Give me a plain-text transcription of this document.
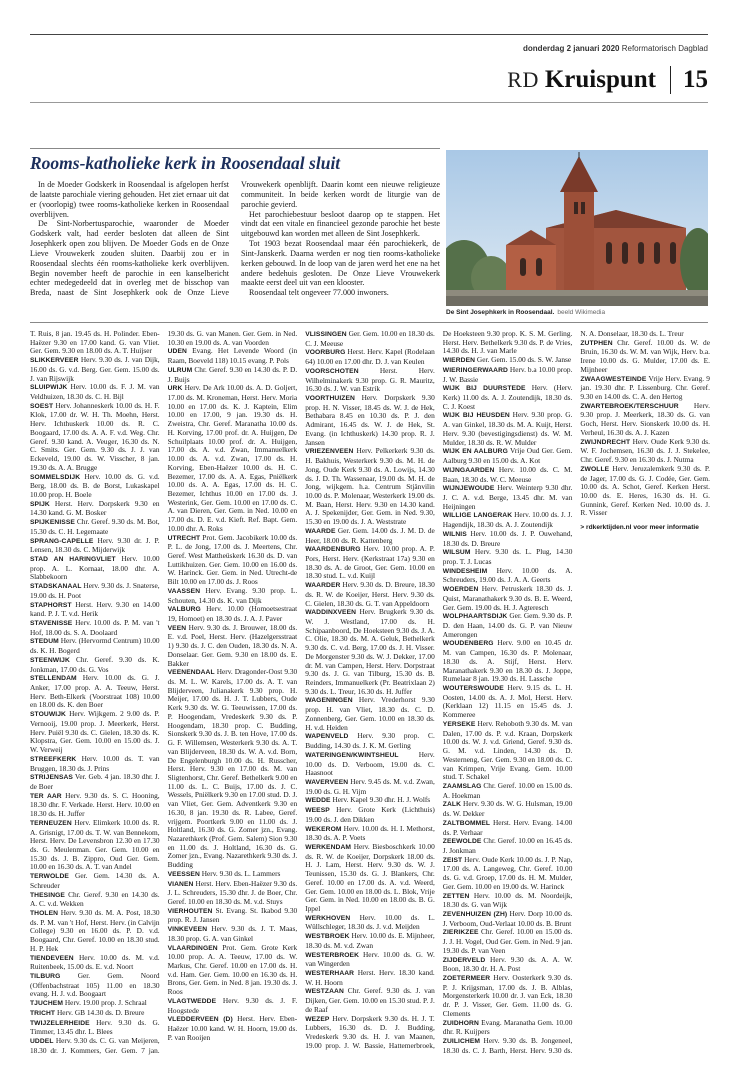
donderdag 2 januari 2020 Reformatorisch Dagblad
RD Kruispunt 15
Rooms-katholieke kerk in Roosendaal sluit

In de Moeder Godskerk in Roosendaal is afgelopen herfst de laatste parochiale viering gehouden. Het ziet ernaar uit dat er (voorlopig) twee rooms-katholieke kerken in Roosendaal overblijven.

De Sint-Norbertusparochie, waaronder de Moeder Godskerk valt, had eerder besloten dat alleen de Sint Josephkerk open zou blijven. De Moeder Gods en de Onze Lieve Vrouwekerk zouden sluiten. Daarbij zou er in Roosendaal slechts één rooms-katholieke kerk overblijven. Begin november heeft de parochie in een kanselbericht echter medegedeeld dat in overleg met de bisschop van Breda, naast de Sint Josephkerk ook de Onze Lieve Vrouwekerk openblijft. Daarin komt een nieuwe religieuze communiteit. In beide kerken wordt de liturgie van de parochie gevierd.

Het parochiebestuur besloot daarop op te stappen. Het vindt dat een vitale en financieel gezonde parochie het beste uitgebouwd kan worden met alleen de Sint Josephkerk.

Tot 1903 bezat Roosendaal maar één parochiekerk, de Sint-Janskerk. Daarna werden er nog tien rooms-katholieke kerken gebouwd. In de loop van de jaren werd het ene na het andere bedehuis gesloten. De Onze Lieve Vrouwekerk maakte eerst deel uit van een klooster.

Roosendaal telt ongeveer 77.000 inwoners.

De Sint Josephkerk in Roosendaal. beeld Wikimedia
T. Ruis, 8 jan. 19.45 ds. H. Polinder. Eben-Haëzer 9.30 en 17.00 kand. G. van Vliet. Ger. Gem. 9.30 en 18.00 ds. A. T. Huijser
SLIKKERVEER Herv. 9.30 ds. J. van Dijk, 16.00 ds. G. v.d. Berg. Ger. Gem. 15.00 ds. J. van Rijswijk
SLUIPWIJK Herv. 10.00 ds. F. J. M. van Veldhuizen, 18.30 ds. C. H. Bijl
SOEST Herv. Johanneskerk 10.00 ds. H. F. Klok, 17.00 dr. W. H. Th. Moehn, Herst. Herv. Ichthuskerk 10.00 ds. R. C. Boogaard, 17.00 ds. A. A. F. v.d. Weg. Chr. Geref. 9.30 kand. A. Veuger, 16.30 ds. N. C. Smits. Ger. Gem. 9.30 ds. J. J. van Eckeveld, 19.00 ds. W. Visscher, 8 jan. 19.30 ds. A. A. Brugge
SOMMELSDIJK Herv. 10.00 ds. G. v.d. Berg, 18.00 ds. B. de Borst, Lukaskapel 10.00 prop. H. Boele
SPIJK Herst. Herv. Dorpskerk 9.30 en 14.30 kand. G. M. Bosker
SPIJKENISSE Chr. Geref. 9.30 ds. M. Bot, 15.30 ds. C. H. Legemaate
SPRANG-CAPELLE Herv. 9.30 dr. J. P. Lensen, 18.30 ds. C. Mijderwijk
STAD AN HARINGVLIET Herv. 10.00 prop. A. L. Kornaat, 18.00 dhr. A. Slabbekoorn
STADSKANAAL Herv. 9.30 ds. J. Snaterse, 19.00 ds. H. Poot
STAPHORST Herst. Herv. 9.30 en 14.00 kand. P. J. T. v.d. Herik
STAVENISSE Herv. 10.00 ds. P. M. van 't Hof, 18.00 ds. S. A. Doolaard
STEDUM Herv. (Hervormd Centrum) 10.00 ds. K. H. Bogerd
STEENWIJK Chr. Geref. 9.30 ds. K. Jonkman, 17.00 ds. G. Vos
STELLENDAM Herv. 10.00 ds. G. J. Anker, 17.00 prop. A. A. Teeuw, Herst. Herv. Beth-Elkerk (Voorstraat 108) 10.00 en 18.00 ds. K. den Boer
STOUWIJK Herv. Wijkgem. 2 9.00 ds. P. Vernooij, 19.00 prop. J. Meerkerk, Herst. Herv. Puiël 9.30 ds. C. Gielen, 18.30 ds. K. Klopstra, Ger. Gem. 10.00 en 15.00 ds. J. W. Verweij
STREEFKERK Herv. 10.00 ds. T. van Bruggen, 18.30 ds. J. Prins
STRIJENSAS Ver. Geb. 4 jan. 18.30 dhr. J. de Boer
TER AAR Herv. 9.30 ds. S. C. Hooning, 18.30 dhr. F. Verkade. Herst. Herv. 10.00 en 18.30 ds. H. Juffer
TERNEUZEN Herv. Elimkerk 10.00 ds. R. A. Grisnigt, 17.00 ds. T. W. van Bennekom, Herst. Herv. De Levensbron 12.30 en 17.30 ds. G. Meulenman. Ger. Gem. 10.00 en 15.30 ds. J. B. Zippro, Oud Ger. Gem. 10.00 en 16.30 ds. A. T. van Andel
TERWOLDE Ger. Gem. 14.30 ds. A. Schreuder
THESINGE Chr. Geref. 9.30 en 14.30 ds. A. C. v.d. Wekken
THOLEN Herv. 9.30 ds. M. A. Post, 18.30 ds. P. M. van 't Hof, Herst. Herv. (in Calvijn College) 9.30 en 16.00 ds. P. D. v.d. Boogaard, Chr. Geref. 10.00 en 18.30 stud. H. P. Hek
TIENDEVEEN Herv. 10.00 ds. M. v.d. Ruitenbeek, 15.00 ds. E. v.d. Noort
TILBURG Ger. Gem. Noord (Offenbachstraat 105) 11.00 en 18.30 evang. H. J. v.d. Boogaart
TJUCHEM Herv. 19.00 prop. J. Schraal
TRICHT Herv. GB 14.30 ds. D. Breure
TWIJZELERHEIDE Herv. 9.30 ds. G. Timmer, 13.45 dhr. L. Blees
UDDEL Herv. 9.30 ds. C. G. van Meijeren, 18.30 dr. J. Kommers, Ger. Gem. 7 jan. 19.30 ds. G. van Manen. Ger. Gem. in Ned. 10.30 en 19.00 ds. A. van Voorden
UDEN Evang. Het Levende Woord (in Raam, Boeveld 118) 10.15 evang. P. Pols
ULRUM Chr. Geref. 9.30 en 14.30 ds. P. D. J. Buijs
URK Herv. De Ark 10.00 ds. A. D. Goljert, 17.00 ds. M. Kroneman, Herst. Herv. Moria 10.00 en 17.00 ds. K. J. Kaptein, Elim 10.00 en 17.00, 9 jan. 19.30 ds. H. Zweistra, Chr. Geref. Maranatha 10.00 ds. H. Korving, 17.00 prof. dr. A. Huijgen, De Schuilplaats 10.00 prof. dr. A. Huijgen, 17.00 ds. A. v.d. Zwan, Immanuelkerk 10.00 ds. A. v.d. Zwan, 17.00 ds. H. Korving, Eben-Haëzer 10.00 ds. H. C. Bezemer, 17.00 ds. A. A. Egas, Pniëlkerk 10.00 ds. A. A. Egas, 17.00 ds. H. C. Bezemer, Ichthus 10.00 en 17.00 ds. J. Westerink, Ger. Gem. 10.00 en 17.00 ds. C. A. van Dieren, Ger. Gem. in Ned. 10.00 en 17.00 ds. D. E. v.d. Kieft. Ref. Bapt. Gem. 10.00 dhr. A. Roks
UTRECHT Prot. Gem. Jacobikerk 10.00 ds. P. L. de Jong, 17.00 ds. J. Meertens, Chr. Geref. West Mattheüskerk 16.30 ds. D. van Luttikhuizen. Ger. Gem. 10.00 en 16.00 ds. W. Harinck. Ger. Gem. in Ned. Utrecht-de Bilt 10.00 en 17.00 ds. J. Roos
VAASSEN Herv. Evang. 9.30 prop. L. Schouten, 14.30 ds. K. van Dijk
VALBURG Herv. 10.00 (Homoetsestraat 19, Homoet) en 18.30 ds. J. A. J. Paver
VEEN Herv. 9.30 ds. J. Brouwer, 18.00 ds. E. v.d. Poel, Herst. Herv. (Hazelgersstraat 1) 9.30 ds. J. C. den Ouden, 18.30 ds. N. A. Donselaar. Ger. Gem. 9.30 en 18.00 ds. E. Bakker
VEENENDAAL Herv. Dragonder-Oost 9.30 ds. M. L. W. Karels, 17.00 ds. A. T. van Blijderveen, Julianakerk 9.30 prop. H. Meijer, 17.00 ds. H. J. T. Lubbers, Oude Kerk 9.30 ds. W. G. Teeuwissen, 17.00 ds. P. Hoogendam, Vredeskerk 9.30 ds. P. Hoogendam, 18.30 prop. C. Budding, Sionskerk 9.30 ds. J. B. ten Hove, 17.00 ds. G. F. Willemsen, Westerkerk 9.30 ds. A. T. van Blijderveen, 18.30 ds. W. A. v.d. Born, De Engelenburgh 10.00 ds. H. Russcher, Herst. Herv. 9.30 en 17.00 ds. M. van Sligtenhorst, Chr. Geref. Bethelkerk 9.00 en 11.00 ds. L. C. Buijs, 17.00 ds. J. C. Wessels, Pniëlkerk 9.30 en 17.00 stud. D. J. van Vliet, Ger. Gem. Adventkerk 9.30 en 16.30, 8 jan. 19.30 ds. R. Labee, Geref. vrijgem. Poortkerk 9.00 en 11.00 ds. J. Holtland, 16.30 ds. G. Zomer jzn., Evang. Nazarethkerk (Prof. Gem. Salem) Sion 9.30 en 11.00 ds. J. Holtland, 16.30 ds. G. Zomer jzn., Evang. Nazarethkerk 9.30 ds. J. Budding
VEESSEN Herv. 9.30 ds. L. Lammers
VIANEN Herst. Herv. Eben-Haëzer 9.30 ds. J. L. Schreuders, 15.30 dhr. J. de Boer, Chr. Geref. 10.00 en 18.30 ds. M. v.d. Stuys
VIERHOUTEN St. Evang. St. Ikabod 9.30 prop. R. J. Jansen
VINKEVEEN Herv. 9.30 ds. J. T. Maas, 18.30 prop. G. A. van Ginkel
VLAARDINGEN Prot. Gem. Grote Kerk 10.00 prop. A. A. Teeuw, 17.00 ds. W. Markus, Chr. Geref. 10.00 en 17.00 ds. H. v.d. Ham. Ger. Gem. 10.00 en 16.30 ds. H. Brons, Ger. Gem. in Ned. 8 jan. 19.30 ds. J. Roos
VLAGTWEDDE Herv. 9.30 ds. J. F. Hoogstede
VLEDDERVEEN (D) Herst. Herv. Eben-Haëzer 10.00 kand. W. H. Hoorn, 19.00 ds. P. van Rooijen
VLISSINGEN Ger. Gem. 10.00 en 18.30 ds. C. J. Meeuse
VOORBURG Herst. Herv. Kapel (Rodelaan 64) 10.00 en 17.00 dhr. D. J. van Keulen
VOORSCHOTEN	Herst. Herv. Wilhelminakerk 9.30 prop. G. R. Mauritz, 16.30 ds. J. W. van Estrik
VOORTHUIZEN Herv. Dorpskerk 9.30 prop. H. N. Visser, 18.45 ds. W. J. de Hek, Bethabara 8.45 en 10.30 ds. P. J. den Admirant, 16.45 ds. W. J. de Hek, St. Evang. (in Ichthuskerk) 14.30 prop. R. J. Jansen
VRIEZENVEEN Herv. Pelkerkerk 9.30 ds. H. Bakhuis, Westerkerk 9.30 ds. M. H. de Jong, Oude Kerk 9.30 ds. A. Lowijs, 14.30 ds. J. D. Th. Wassenaar, 19.00 ds. M. H. de Jong, wijkgem. h.a. Centrum Stjänvilin 10.00 ds. P. Molenaar, Westerkerk 19.00 ds. M. Baan, Herst. Herv. 9.30 en 14.30 kand. A. J. Spekenijder, Ger. Gem. in Ned. 9.30, 15.30 en 19.00 ds. J. A. Weststrate
WAARDE Ger. Gem. 14.00 ds. J. M. D. de Heer, 18.00 ds. R. Kattenberg
WAARDENBURG Herv. 10.00 prop. A. P. Pors, Herst. Herv. (Kerkstraat 17a) 9.30 en 18.30 ds. A. de Groot, Ger. Gem. 10.00 en 18.30 stud. L. v.d. Kuijl
WAARDER Herv. 9.30 ds. D. Breure, 18.30 ds. R. W. de Koeijer, Herst. Herv. 9.30 ds. C. Gielen, 18.30 ds. G. T. van Appeldoorn
WADDINXVEEN Herv. Brugkerk 9.30 ds. W. J. Westland, 17.00 ds. H. Schipaanboord, De Hoeksteen 9.30 ds. J. A. C. Olie, 18.30 ds. M. A. Geluk, Bethelkerk 9.30 ds. C. v.d. Berg, 17.00 ds. J. H. Visser. De Morgenster 9.30 ds. W. J. Dekker, 17.00 dr. M. van Campen, Herst. Herv. Dorpstraat 9.30 ds. J. G. van Tilburg, 15.30 ds. B. Reinders, Immanuelkerk (Pr. Beatrixlaan 2) 9.30 ds. L. Treur, 16.30 ds. H. Juffer
WAGENINGEN Herv. Vrederhorst 9.30 prop. H. van Vliet, 18.30 ds. C. D. Zonnenberg, Ger. Gem. 10.00 en 18.30 ds. H. v.d. Heiden
WAPENVELD Herv. 9.30 prop. C. Budding, 14.30 ds. J. K. M. Gerling
WATERINGEN/KWINTSHEUL	Herv. 10.00 ds. D. Verboom, 19.00 ds. C. Haasnoot
WAVERVEEN Herv. 9.45 ds. M. v.d. Zwan, 19.00 ds. G. H. Vijm
WEDDE Herv. Kapel 9.30 dhr. H. J. Wolfs
WEESP Herv. Grote Kerk (Lichthuis) 19.00 ds. J. den Dikken
WEKEROM Herv. 10.00 ds. H. I. Methorst, 18.30 ds. A. P. Voets
WERKENDAM Herv. Biesboschkerk 10.00 ds. R. W. de Koeijer, Dorpskerk 18.00 ds. H. J. Lam, Herst. Herv. 9.30 ds. W. J. Teunissen, 15.30 ds. G. J. Blankers, Chr. Geref. 10.00 en 17.00 ds. A. v.d. Weerd, Ger. Gem. 10.00 en 18.00 ds. L. Blok, Vrije Ger. Gem. in Ned. 10.00 en 18.00 ds. B. G. Ippel
WERKHOVEN Herv. 10.00 ds. L. Wüllschleger, 18.30 ds. J. v.d. Meijden
WESTBROEK Herv. 10.00 ds. E. Mijnheer, 18.30 ds. M. v.d. Zwan
WESTERBROEK Herv. 10.00 ds. G. W. van Wingerden
WESTERHAAR Herst. Herv. 18.30 kand. W. H. Hoorn
WESTZAAN Chr. Geref. 9.30 ds. J. van Dijken, Ger. Gem. 10.00 en 15.30 stud. P. J. de Raaf
WEZEP Herv. Dorpskerk 9.30 ds. H. J. T. Lubbers, 16.30 ds. D. J. Budding, Vredeskerk 9.30 ds. H. J. van Maanen, 19.00 prop. J. W. Bassie, Hattemerbroek, De Hoeksteen 9.30 prop. K. S. M. Gerling. Herst. Herv. Bethelkerk 9.30 ds. P. de Vries, 14.30 ds. H. J. van Marle
WIERDEN Ger. Gem. 15.00 ds. S. W. Janse
WIERINGERWAARD Herv. b.a 10.00 prop. J. W. Bassie
WIJK BIJ DUURSTEDE Herv. (Herv. Kerk) 11.00 ds. A. J. Zoutendijk, 18.30 ds. C. J. Koest
WIJK BIJ HEUSDEN Herv. 9.30 prop. G. A. van Ginkel, 18.30 ds. M. A. Kuijt, Herst. Herv. 9.30 (bevestigingsdienst) ds. W. M. Mulder, 18.30 ds. R. W. Mulder
WIJK EN AALBURG Vrije Oud Ger. Gem. Aalburg 9.30 en 15.00 ds. A. Kot
WIJNGAARDEN Herv. 10.00 ds. C. M. Baan, 18.30 ds. W. C. Meeuse
WIJNJEWOUDE Herv. Weinterp 9.30 dhr. J. C. A. v.d. Berge, 13.45 dhr. M. van Heijningen
WILLIGE LANGERAK Herv. 10.00 ds. J. J. Hagendijk, 18.30 ds. A. J. Zoutendijk
WILNIS Herv. 10.00 ds. J. P. Ouwehand, 18.30 ds. D. Breure
WILSUM Herv. 9.30 ds. L. Plug, 14.30 prop. T. J. Lucas
WINDESHEIM Herv. 10.00 ds. A. Schreuders, 19.00 ds. J. A. A. Geerts
WOERDEN Herv. Petruskerk 18.30 ds. J. Quist, Maranathakerk 9.30 ds. B. E. Weerd, Ger. Gem. 19.00 ds. H. J. Agteresch
WOLPHAARTSDIJK Ger. Gem. 9.30 ds. P. D. den Haan, 14.00 ds. G. P. van Nieuw Amerongen
WOUDENBERG Herv. 9.00 en 10.45 dr. M. van Campen, 16.30 ds. P. Molenaar, 18.30 ds. A. Stijf, Herst. Herv. Maranathakerk 9.30 en 18.30 ds. J. Joppe, Rumelaar 8 jan. 19.30 ds. H. Lassche
WOUTERSWOUDE Herv. 9.15 ds. L. H. Oosten, 14.00 ds. A. J. Mol, Herst. Herv. (Kerklaan 12) 11.15 en 15.45 ds. J. Kommeree
YERSEKE Herv. Rehoboth 9.30 ds. M. van Dalen, 17.00 ds. P. v.d. Kraan, Dorpskerk 10.00 ds. W. J. v.d. Griend, Geref. 9.30 ds. G. M. v.d. Linden, 14.30 ds. D. Westerneng, Ger. Gem. 9.30 en 18.00 ds. C. van Krimpen, Vrije Evang. Gem. 10.00 stud. T. Schakel
ZAAMSLAG Chr. Geref. 10.00 en 15.00 ds. A. Hoekman
ZALK Herv. 9.30 ds. W. G. Hulsman, 19.00 ds. W. Dekker
ZALTBOMMEL Herst. Herv. Evang. 14.00 ds. P. Verhaar
ZEEWOLDE Chr. Geref. 10.00 en 16.45 ds. J. Jonkman
ZEIST Herv. Oude Kerk 10.00 ds. J. P. Nap, 17.00 ds. A. Langeweg, Chr. Geref. 10.00 ds. G. v.d. Groep, 17.00 ds. H. M. Mulder, Ger. Gem. 10.00 en 19.00 ds. W. Harinck
ZETTEN Herv. 10.00 ds. M. Noordeijk, 18.30 ds. G. van Wijk
ZEVENHUIZEN (ZH) Herv. Dorp 10.00 ds. J. Verboom, Oud-Verlaat 10.00 ds. B. Brunt
ZIERIKZEE Chr. Geref. 10.00 en 15.00 ds. J. J. H. Vogel, Oud Ger. Gem. in Ned. 9 jan. 19.30 ds. P. van Veen
ZIJDERVELD Herv. 9.30 ds. A. A. W. Boon, 18.30 dr. H. A. Post
ZOETERMEER Herv. Oosterkerk 9.30 ds. P. J. Krijgsman, 17.00 ds. J. B. Alblas, Morgensterkerk 10.00 dr. J. van Eck, 18.30 dr. P. J. Visser, Ger. Gem. 11.00 ds. G. Clements
ZUIDHORN Evang. Maranatha Gem. 10.00 dhr. R. Kuijpers
ZUILICHEM Herv. 9.30 ds. B. Jongeneel, 18.30 ds. C. J. Barth, Herst. Herv. 9.30 ds. N. A. Donselaar, 18.30 ds. L. Treur
ZUTPHEN Chr. Geref. 10.00 ds. W. de Bruin, 16.30 ds. W. M. van Wijk, Herv. b.a. Irene 10.00 ds. G. Mulder, 17.00 ds. E. Mijnheer
ZWAAGWESTEINDE Vrije Herv. Evang. 9 jan. 19.30 dhr. P. Lissenburg. Chr. Geref. 9.30 en 14.00 ds. C. A. den Hertog
ZWARTEBROEK/TERSCHUUR Herv. 9.30 prop. J. Meerkerk, 18.30 ds. G. van Goch, Herst. Herv. Sionskerk 10.00 ds. H. Verheul, 16.30 ds. A. J. Kazen
ZWIJNDRECHT Herv. Oude Kerk 9.30 ds. W. F. Jochemsen, 16.30 ds. J. J. Stekelee, Chr. Geref. 9.30 en 16.30 ds. J. Nutma
ZWOLLE Herv. Jeruzalemkerk 9.30 ds. P. de Jager, 17.00 ds. G. J. Codée, Ger. Gem. 10.00 ds. A. Schot, Geref. Kerken Herst. 10.00 ds. E. Heres, 16.30 ds. H. G. Gunnink, Geref. Kerken Ned. 10.00 ds. J. R. Visser
> rdkerktijden.nl voor meer informatie
